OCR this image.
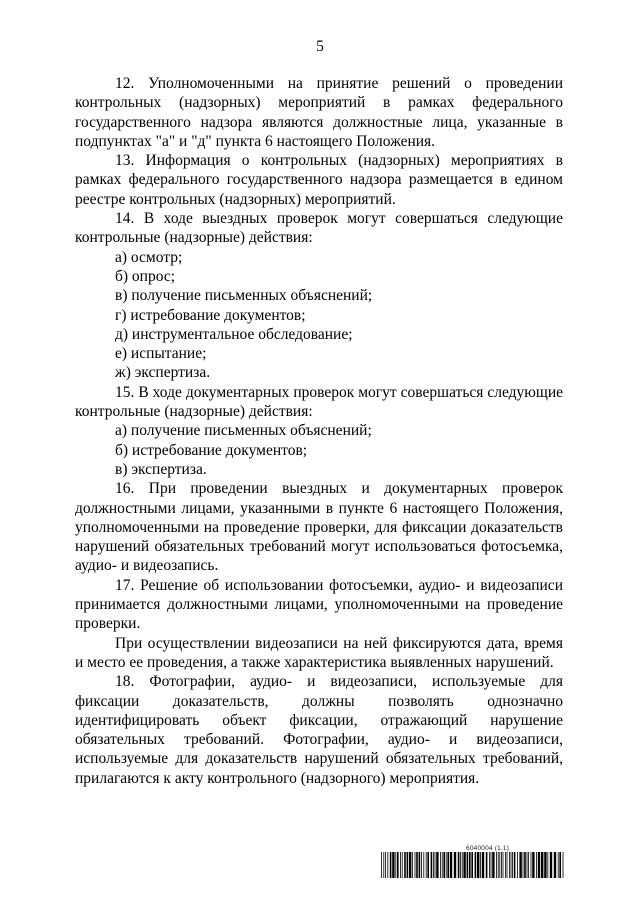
5

12. Уполномоченными на принятие решений о проведении контрольных (надзорных) мероприятий в рамках федерального государственного надзора являются должностные лица, указанные в подпунктах "а" и "д" пункта 6 настоящего Положения.

13. Информация о контрольных (надзорных) мероприятиях в рамках федерального государственного надзора размещается в едином реестре контрольных (надзорных) мероприятий.

14. В ходе выездных проверок могут совершаться следующие контрольные (надзорные) действия:

а) осмотр;

б) опрос;

в) получение письменных объяснений;

г) истребование документов;

д) инструментальное обследование;

е) испытание;

ж) экспертиза.

15. В ходе документарных проверок могут совершаться следующие контрольные (надзорные) действия:

а) получение письменных объяснений;

б) истребование документов;

в) экспертиза.

16. При проведении выездных и документарных проверок должностными лицами, указанными в пункте 6 настоящего Положения, уполномоченными на проведение проверки, для фиксации доказательств нарушений обязательных требований могут использоваться фотосъемка, аудио- и видеозапись.

17. Решение об использовании фотосъемки, аудио- и видеозаписи принимается должностными лицами, уполномоченными на проведение проверки.

При осуществлении видеозаписи на ней фиксируются дата, время и место ее проведения, а также характеристика выявленных нарушений.

18. Фотографии, аудио- и видеозаписи, используемые для фиксации доказательств, должны позволять однозначно идентифицировать объект фиксации, отражающий нарушение обязательных требований. Фотографии, аудио- и видеозаписи, используемые для доказательств нарушений обязательных требований, прилагаются к акту контрольного (надзорного) мероприятия.

6040004 (1.1)
